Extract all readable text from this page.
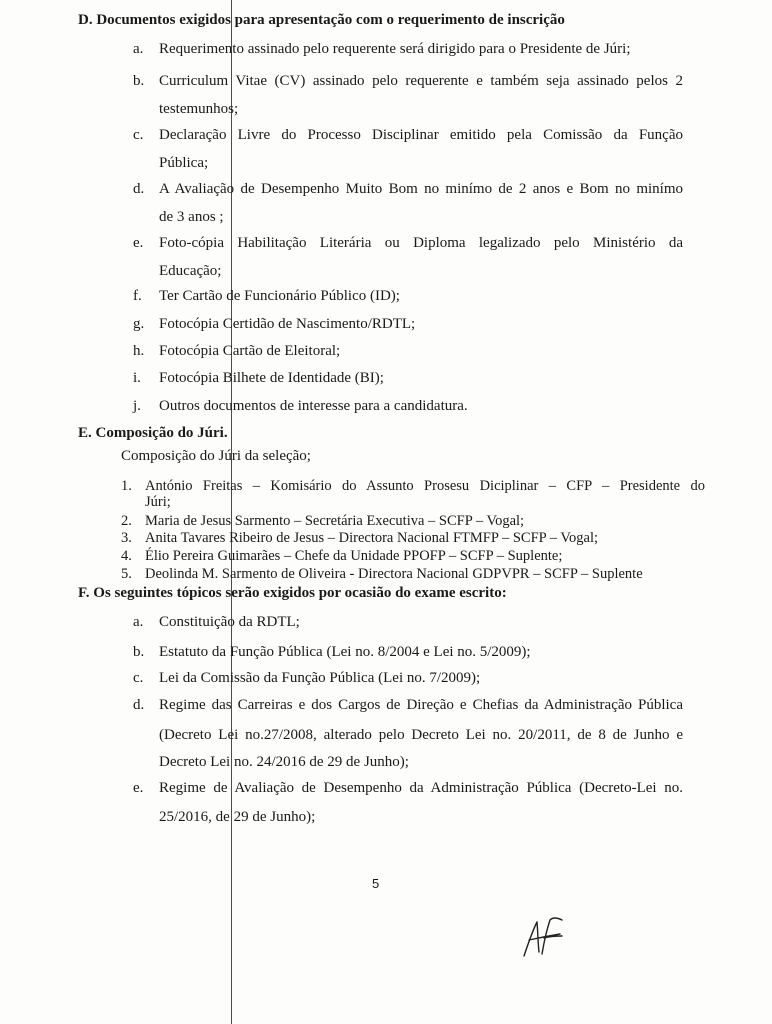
D. Documentos exigidos para apresentação com o requerimento de inscrição
a. Requerimento assinado pelo requerente será dirigido para o Presidente de Júri;
b. Curriculum Vitae (CV) assinado pelo requerente e também seja assinado pelos 2
testemunhos;
c. Declaração Livre do Processo Disciplinar emitido pela Comissão da Função
Pública;
d. A Avaliação de Desempenho Muito Bom no minímo de 2 anos e Bom no minímo
de 3 anos ;
e. Foto-cópia Habilitação Literária ou Diploma legalizado pelo Ministério da
Educação;
f. Ter Cartão de Funcionário Público (ID);
g. Fotocópia Certidão de Nascimento/RDTL;
h. Fotocópia Cartão de Eleitoral;
i. Fotocópia Bilhete de Identidade (BI);
j. Outros documentos de interesse para a candidatura.
E. Composição do Júri.
Composição do Júri da seleção;
1. António Freitas – Komisário do Assunto Prosesu Diciplinar – CFP – Presidente do
Júri;
2. Maria de Jesus Sarmento – Secretária Executiva – SCFP – Vogal;
3. Anita Tavares Ribeiro de Jesus – Directora Nacional FTMFP – SCFP – Vogal;
4. Élio Pereira Guimarães – Chefe da Unidade PPOFP – SCFP – Suplente;
5. Deolinda M. Sarmento de Oliveira - Directora Nacional GDPVPR – SCFP – Suplente
F. Os seguintes tópicos serão exigidos por ocasião do exame escrito:
a. Constituição da RDTL;
b. Estatuto da Função Pública (Lei no. 8/2004 e Lei no. 5/2009);
c. Lei da Comissão da Função Pública (Lei no. 7/2009);
d. Regime das Carreiras e dos Cargos de Direção e Chefias da Administração Pública
(Decreto Lei no.27/2008, alterado pelo Decreto Lei no. 20/2011, de 8 de Junho e
Decreto Lei no. 24/2016 de 29 de Junho);
e. Regime de Avaliação de Desempenho da Administração Pública (Decreto-Lei no.
25/2016, de 29 de Junho);
5
